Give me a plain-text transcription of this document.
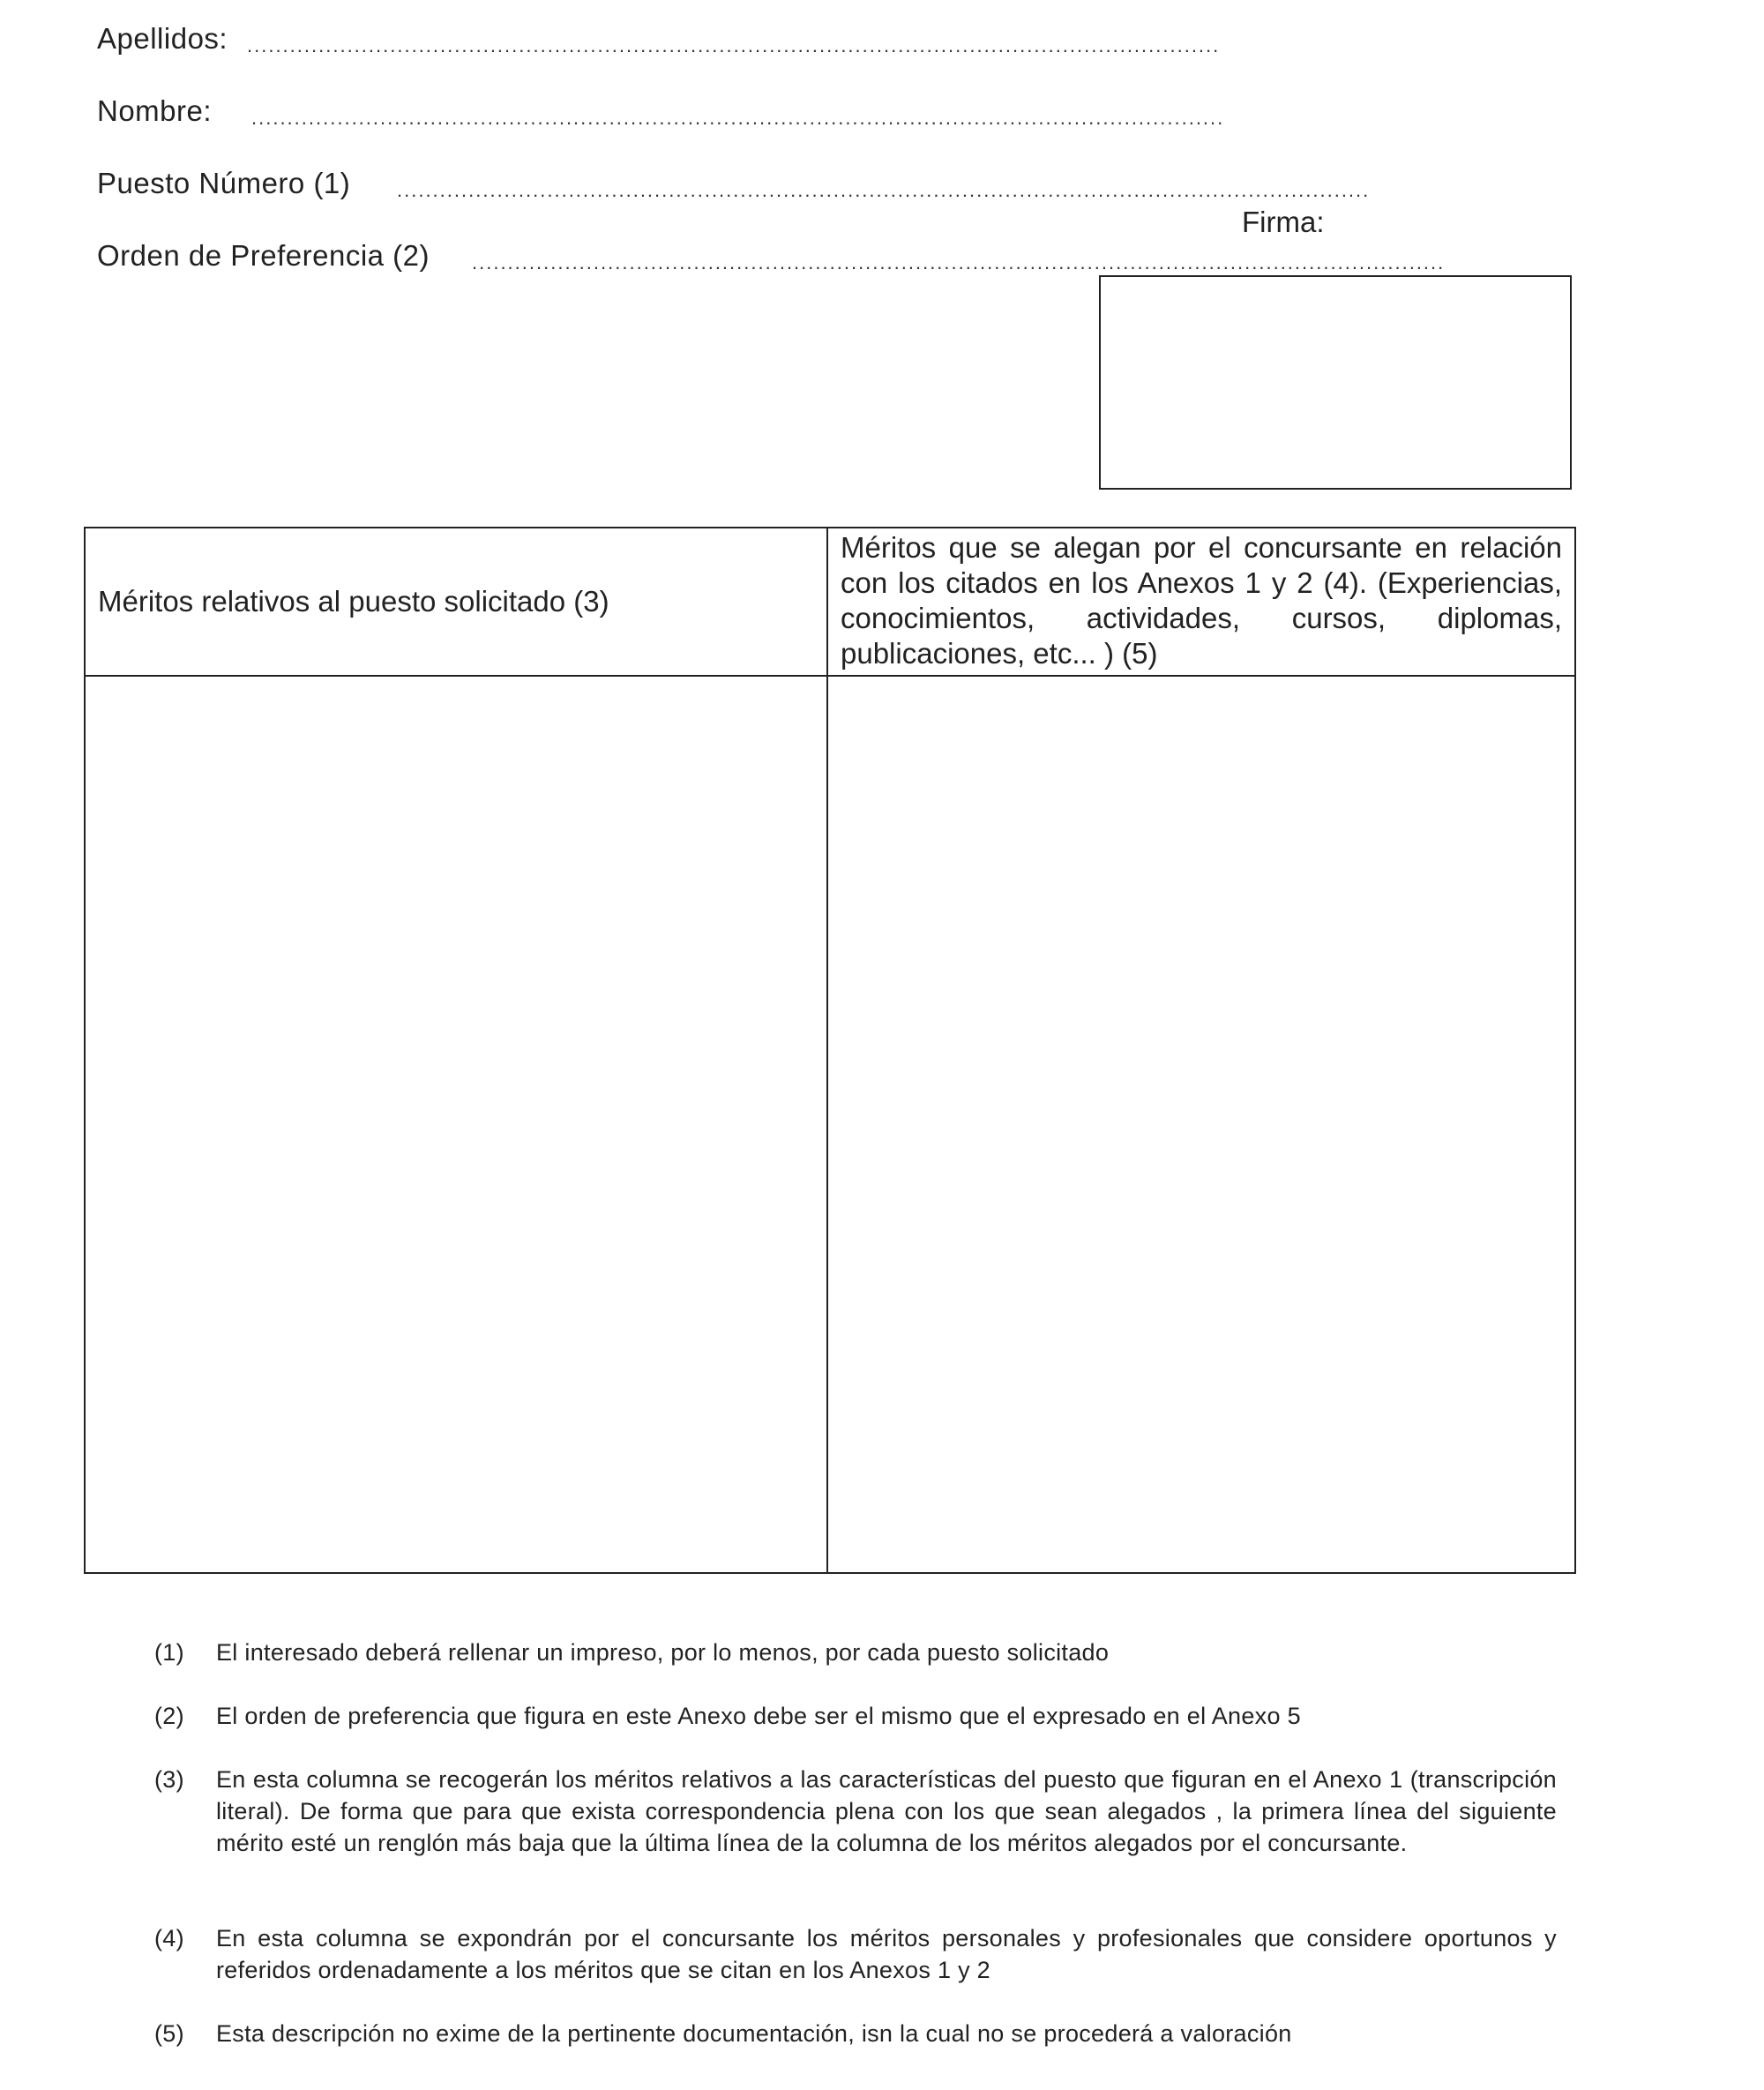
Apellidos: ........................................................................................................................................
Nombre: ........................................................................................................................................
Puesto Número (1) ........................................................................................................................................
Orden de Preferencia (2) ........................................................................................................................................
Firma:
Méritos relativos al puesto solicitado (3)	Méritos que se alegan por el concursante en relación con los citados en los Anexos 1 y 2 (4). (Experiencias, conocimientos, actividades, cursos, diplomas, publicaciones, etc... ) (5)

(1)	El interesado deberá rellenar un impreso, por lo menos, por cada puesto solicitado
(2)	El orden de preferencia que figura en este Anexo debe ser el mismo que el expresado en el Anexo 5
(3)	En esta columna se recogerán los méritos relativos a las características del puesto que figuran en el Anexo 1 (transcripción literal). De forma que para que exista correspondencia plena con los que sean alegados , la primera línea del siguiente mérito esté un renglón más baja que la última línea de la columna de los méritos alegados por el concursante.
(4)	En esta columna se expondrán por el concursante los méritos personales y profesionales que considere oportunos y referidos ordenadamente a los méritos que se citan en los Anexos 1 y 2
(5)	Esta descripción no exime de la pertinente documentación, isn la cual no se procederá a valoración
